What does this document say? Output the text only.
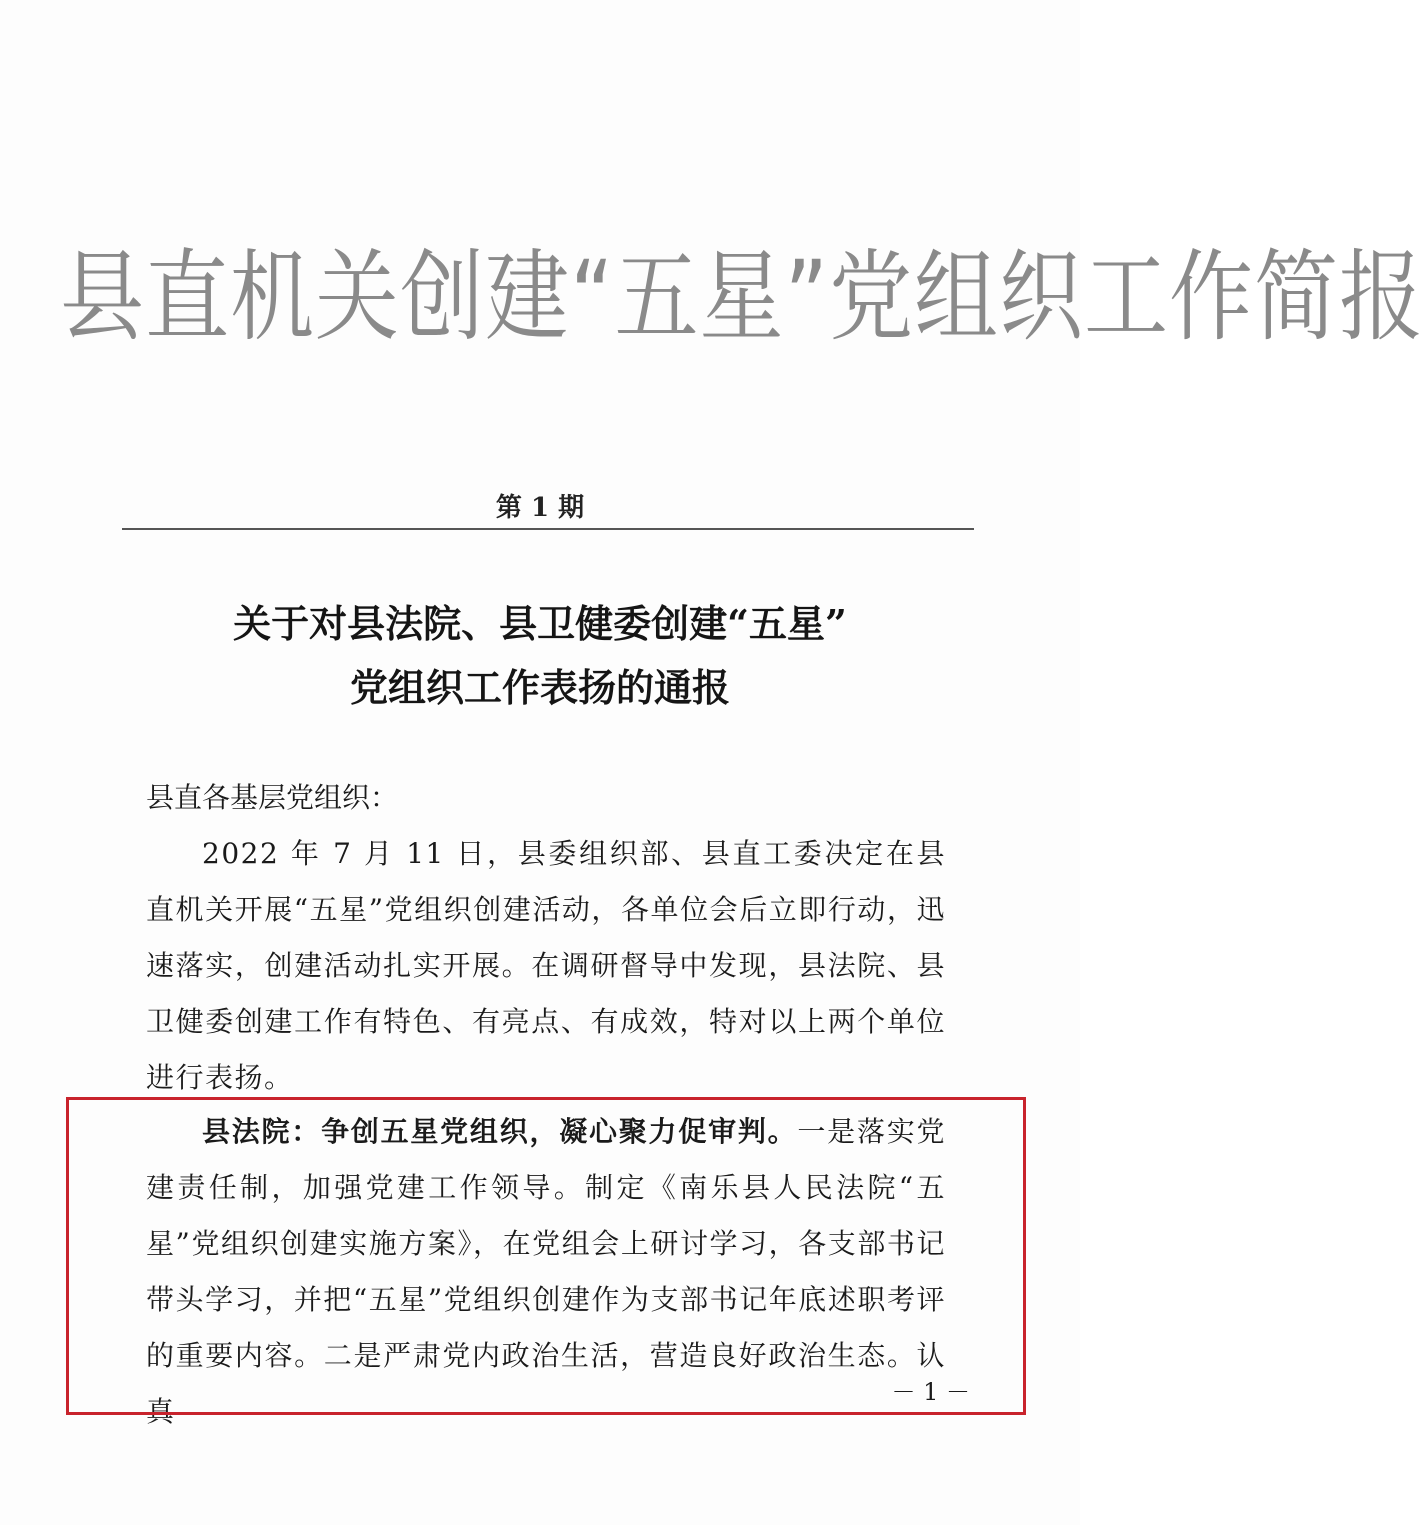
县直机关创建“五星”党组织工作简报
第 1 期
关于对县法院、县卫健委创建“五星”
党组织工作表扬的通报
县直各基层党组织：
2022 年 7 月 11 日，县委组织部、县直工委决定在县直机关开展“五星”党组织创建活动，各单位会后立即行动，迅速落实，创建活动扎实开展。在调研督导中发现，县法院、县卫健委创建工作有特色、有亮点、有成效，特对以上两个单位进行表扬。
县法院：争创五星党组织，凝心聚力促审判。一是落实党建责任制，加强党建工作领导。制定《南乐县人民法院“五星”党组织创建实施方案》，在党组会上研讨学习，各支部书记带头学习，并把“五星”党组织创建作为支部书记年底述职考评的重要内容。二是严肃党内政治生活，营造良好政治生态。认真
－ 1 －
